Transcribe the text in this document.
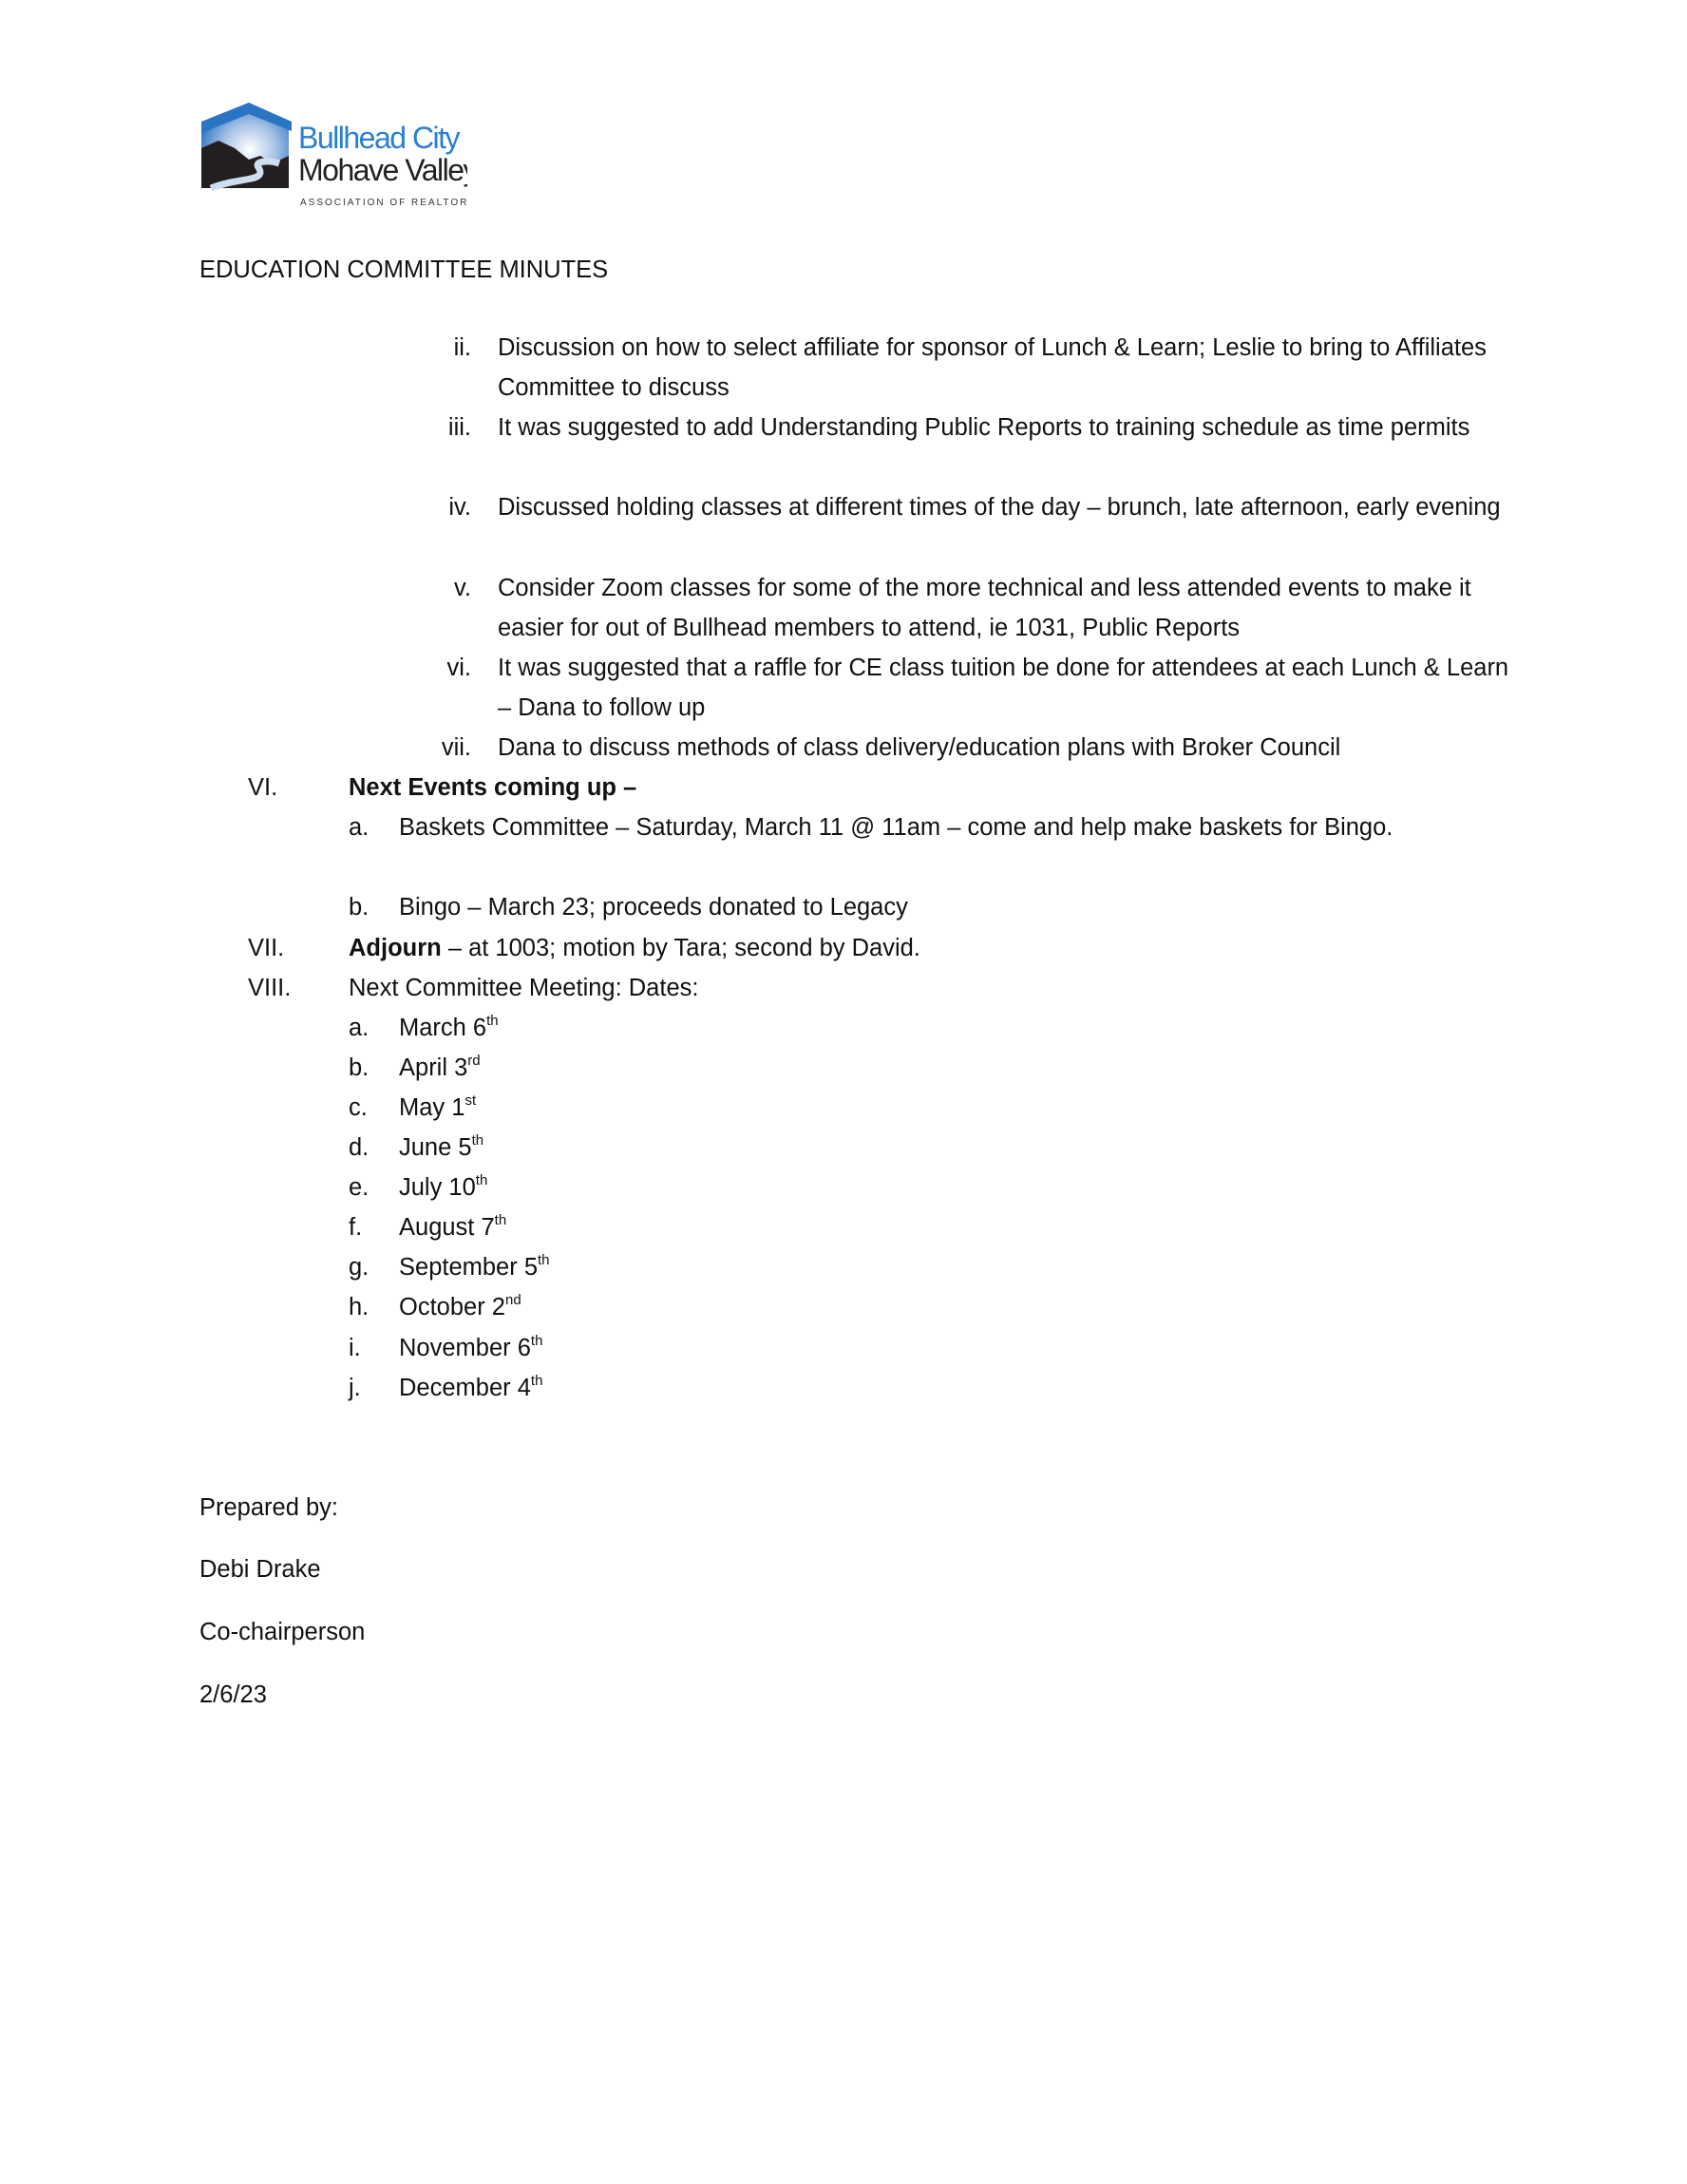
Bullhead City
Mohave Valley
ASSOCIATION OF REALTORS®
EDUCATION COMMITTEE MINUTES
ii. Discussion on how to select affiliate for sponsor of Lunch & Learn; Leslie to bring to Affiliates Committee to discuss
iii. It was suggested to add Understanding Public Reports to training schedule as time permits
iv. Discussed holding classes at different times of the day – brunch, late afternoon, early evening
v. Consider Zoom classes for some of the more technical and less attended events to make it easier for out of Bullhead members to attend, ie 1031, Public Reports
vi. It was suggested that a raffle for CE class tuition be done for attendees at each Lunch & Learn – Dana to follow up
vii. Dana to discuss methods of class delivery/education plans with Broker Council
VI.	Next Events coming up –
a. Baskets Committee – Saturday, March 11 @ 11am – come and help make baskets for Bingo.
b. Bingo – March 23; proceeds donated to Legacy
VII.	Adjourn – at 1003; motion by Tara; second by David.
VIII. Next Committee Meeting: Dates:
a. March 6th
b. April 3rd
c. May 1st
d. June 5th
e. July 10th
f. August 7th
g. September 5th
h. October 2nd
i. November 6th
j. December 4th
Prepared by:
Debi Drake
Co-chairperson
2/6/23
